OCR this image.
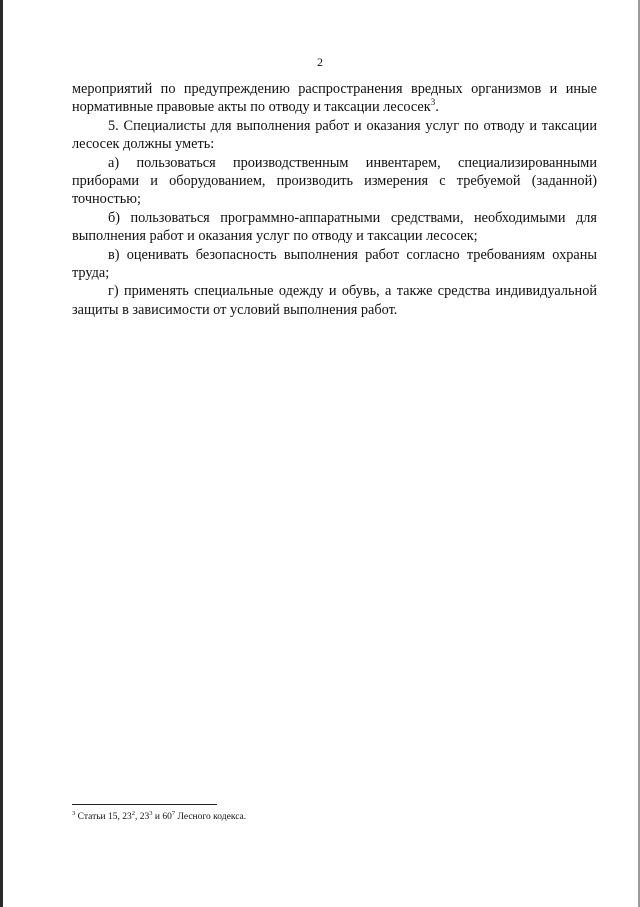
2

мероприятий по предупреждению распространения вредных организмов и иные нормативные правовые акты по отводу и таксации лесосек$^3$.

5. Специалисты для выполнения работ и оказания услуг по отводу и таксации лесосек должны уметь:

а) пользоваться производственным инвентарем, специализированными приборами и оборудованием, производить измерения с требуемой (заданной) точностью;

б) пользоваться программно-аппаратными средствами, необходимыми для выполнения работ и оказания услуг по отводу и таксации лесосек;

в) оценивать безопасность выполнения работ согласно требованиям охраны труда;

г) применять специальные одежду и обувь, а также средства индивидуальной защиты в зависимости от условий выполнения работ.

$^3$ Статьи 15, $23^2$, $23^3$ и $60^7$ Лесного кодекса.
